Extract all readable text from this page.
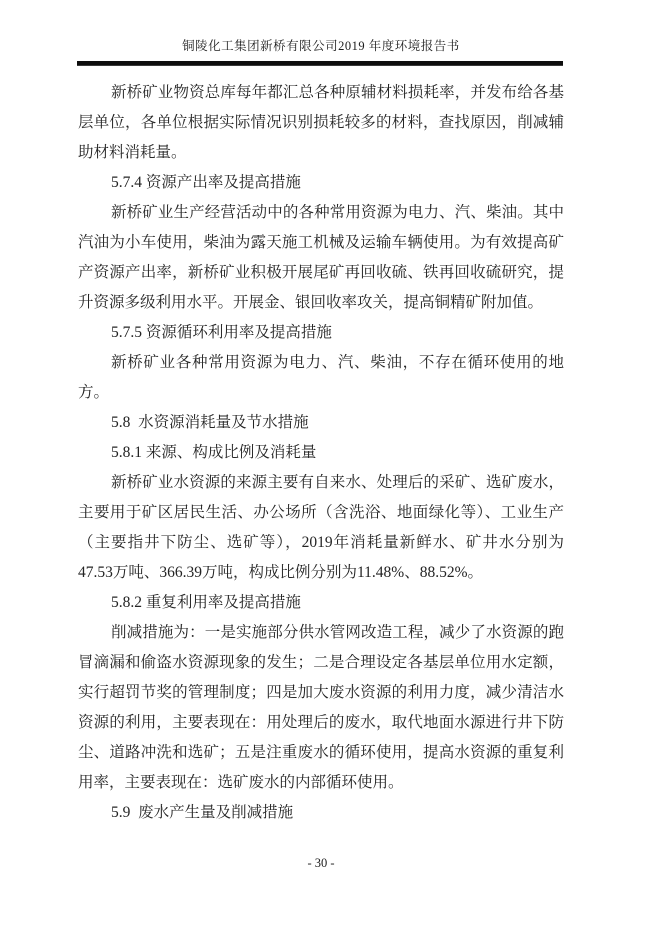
铜陵化工集团新桥有限公司2019 年度环境报告书

新桥矿业物资总库每年都汇总各种原辅材料损耗率，并发布给各基层单位，各单位根据实际情况识别损耗较多的材料，查找原因，削减辅助材料消耗量。

5.7.4 资源产出率及提高措施

新桥矿业生产经营活动中的各种常用资源为电力、汽、柴油。其中汽油为小车使用，柴油为露天施工机械及运输车辆使用。为有效提高矿产资源产出率，新桥矿业积极开展尾矿再回收硫、铁再回收硫研究，提升资源多级利用水平。开展金、银回收率攻关，提高铜精矿附加值。

5.7.5 资源循环利用率及提高措施

新桥矿业各种常用资源为电力、汽、柴油，不存在循环使用的地方。

5.8  水资源消耗量及节水措施

5.8.1 来源、构成比例及消耗量

新桥矿业水资源的来源主要有自来水、处理后的采矿、选矿废水，主要用于矿区居民生活、办公场所（含洗浴、地面绿化等）、工业生产（主要指井下防尘、选矿等），2019年消耗量新鲜水、矿井水分别为47.53万吨、366.39万吨，构成比例分别为11.48%、88.52%。

5.8.2 重复利用率及提高措施

削减措施为：一是实施部分供水管网改造工程，减少了水资源的跑冒滴漏和偷盗水资源现象的发生；二是合理设定各基层单位用水定额，实行超罚节奖的管理制度；四是加大废水资源的利用力度，减少清洁水资源的利用，主要表现在：用处理后的废水，取代地面水源进行井下防尘、道路冲洗和选矿；五是注重废水的循环使用，提高水资源的重复利用率，主要表现在：选矿废水的内部循环使用。

5.9  废水产生量及削减措施

- 30 -
